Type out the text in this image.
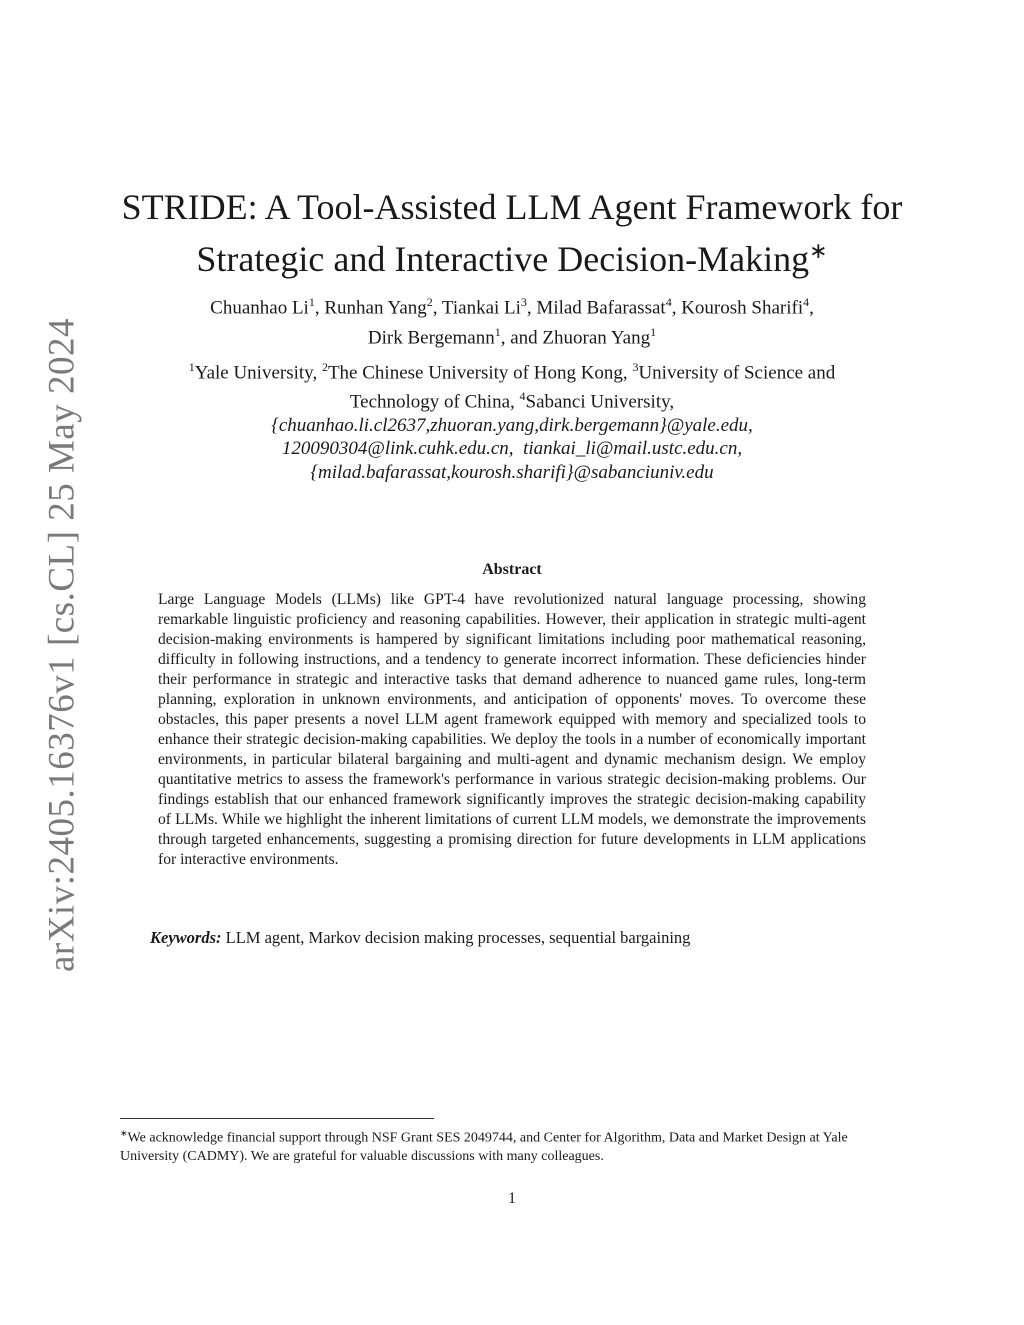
arXiv:2405.16376v1 [cs.CL] 25 May 2024
STRIDE: A Tool-Assisted LLM Agent Framework for
Strategic and Interactive Decision-Making∗
Chuanhao Li$^1$, Runhan Yang$^2$, Tiankai Li$^3$, Milad Bafarassat$^4$, Kourosh Sharifi$^4$,
Dirk Bergemann$^1$, and Zhuoran Yang$^1$
$^1$Yale University, $^2$The Chinese University of Hong Kong, $^3$University of Science and
Technology of China, $^4$Sabanci University,
{chuanhao.li.cl2637,zhuoran.yang,dirk.bergemann}@yale.edu,
120090304@link.cuhk.edu.cn, tiankai_li@mail.ustc.edu.cn,
{milad.bafarassat,kourosh.sharifi}@sabanciuniv.edu
Abstract
Large Language Models (LLMs) like GPT-4 have revolutionized natural language processing, showing remarkable linguistic proficiency and reasoning capabilities. However, their application in strategic multi-agent decision-making environments is hampered by significant limitations including poor mathematical reasoning, difficulty in following instructions, and a tendency to generate incorrect information. These deficiencies hinder their performance in strategic and interactive tasks that demand adherence to nuanced game rules, long-term planning, exploration in unknown environments, and anticipation of opponents' moves. To overcome these obstacles, this paper presents a novel LLM agent framework equipped with memory and specialized tools to enhance their strategic decision-making capabilities. We deploy the tools in a number of economically important environments, in particular bilateral bargaining and multi-agent and dynamic mechanism design. We employ quantitative metrics to assess the framework's performance in various strategic decision-making problems. Our findings establish that our enhanced framework significantly improves the strategic decision-making capability of LLMs. While we highlight the inherent limitations of current LLM models, we demonstrate the improvements through targeted enhancements, suggesting a promising direction for future developments in LLM applications for interactive environments.
Keywords: LLM agent, Markov decision making processes, sequential bargaining
∗We acknowledge financial support through NSF Grant SES 2049744, and Center for Algorithm, Data and Market Design at Yale University (CADMY). We are grateful for valuable discussions with many colleagues.
1
